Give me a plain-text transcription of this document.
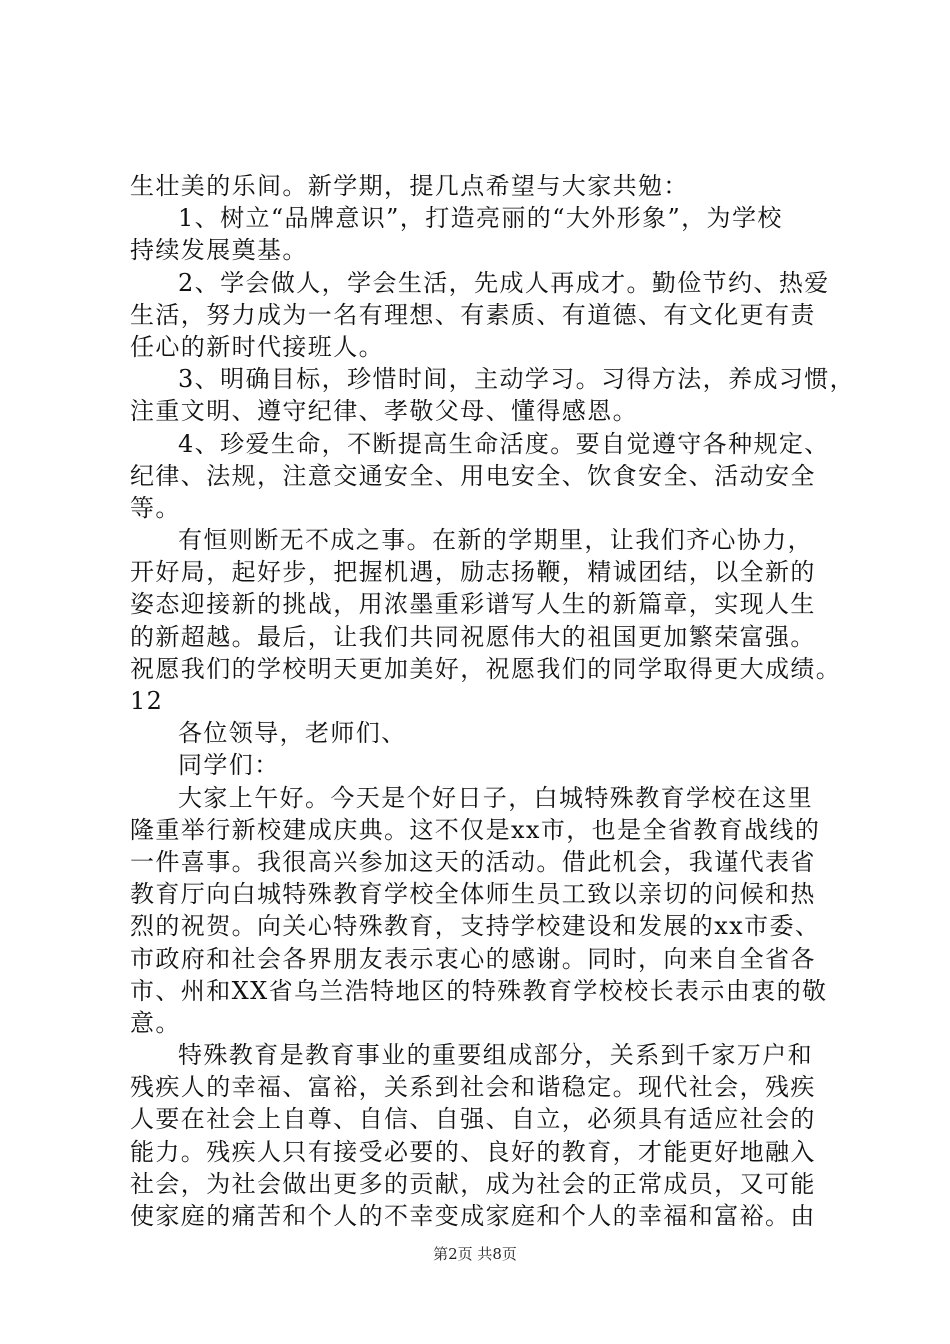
生壮美的乐间。新学期，提几点希望与大家共勉：
1、树立“品牌意识”，打造亮丽的“大外形象”，为学校
持续发展奠基。
2、学会做人，学会生活，先成人再成才。勤俭节约、热爱
生活，努力成为一名有理想、有素质、有道德、有文化更有责
任心的新时代接班人。
3、明确目标，珍惜时间，主动学习。习得方法，养成习惯，
注重文明、遵守纪律、孝敬父母、懂得感恩。
4、珍爱生命，不断提高生命活度。要自觉遵守各种规定、
纪律、法规，注意交通安全、用电安全、饮食安全、活动安全
等。
有恒则断无不成之事。在新的学期里，让我们齐心协力，
开好局，起好步，把握机遇，励志扬鞭，精诚团结，以全新的
姿态迎接新的挑战，用浓墨重彩谱写人生的新篇章，实现人生
的新超越。最后，让我们共同祝愿伟大的祖国更加繁荣富强。
祝愿我们的学校明天更加美好，祝愿我们的同学取得更大成绩。
12
各位领导，老师们、
同学们：
大家上午好。今天是个好日子，白城特殊教育学校在这里
隆重举行新校建成庆典。这不仅是xx市，也是全省教育战线的
一件喜事。我很高兴参加这天的活动。借此机会，我谨代表省
教育厅向白城特殊教育学校全体师生员工致以亲切的问候和热
烈的祝贺。向关心特殊教育，支持学校建设和发展的xx市委、
市政府和社会各界朋友表示衷心的感谢。同时，向来自全省各
市、州和XX省乌兰浩特地区的特殊教育学校校长表示由衷的敬
意。
特殊教育是教育事业的重要组成部分，关系到千家万户和
残疾人的幸福、富裕，关系到社会和谐稳定。现代社会，残疾
人要在社会上自尊、自信、自强、自立，必须具有适应社会的
能力。残疾人只有接受必要的、良好的教育，才能更好地融入
社会，为社会做出更多的贡献，成为社会的正常成员，又可能
使家庭的痛苦和个人的不幸变成家庭和个人的幸福和富裕。由
第2页 共8页
